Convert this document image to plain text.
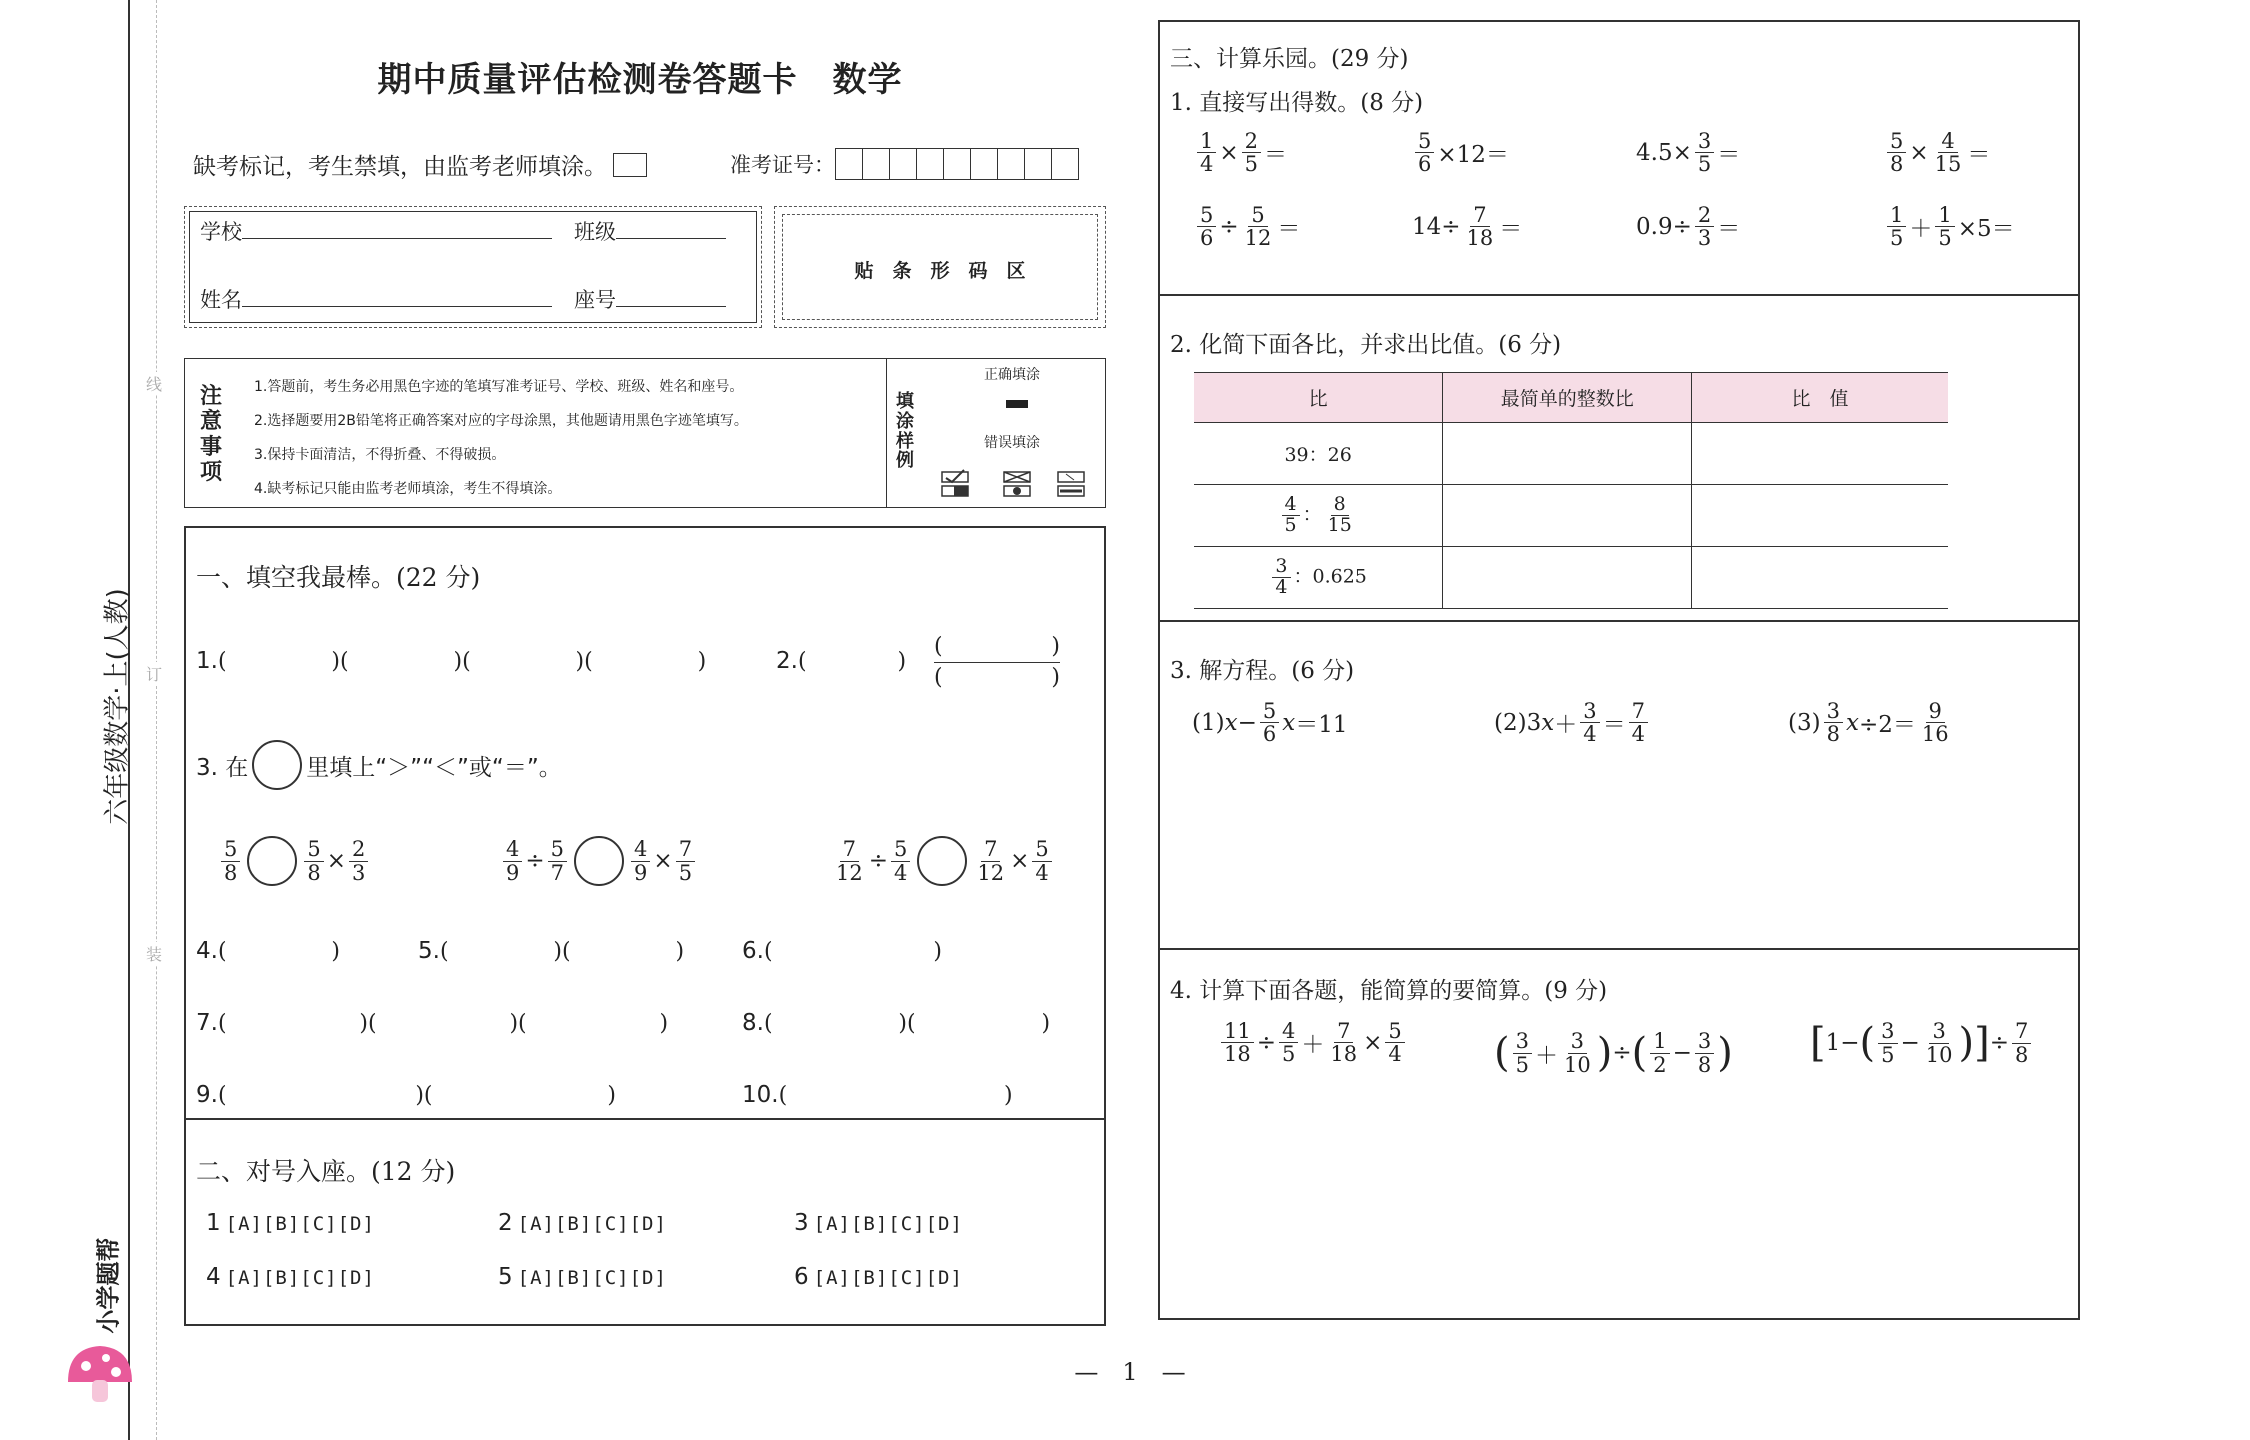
线
订
装
六年级数学·上(人教)
小学题帮
期中质量评估检测卷答题卡　数学
缺考标记，考生禁填，由监考老师填涂。	准考证号：
学校	班级
姓名	座号
贴　条　形　码　区
注意事项
1.答题前，考生务必用黑色字迹的笔填写准考证号、学校、班级、姓名和座号。
2.选择题要用2B铅笔将正确答案对应的字母涂黑，其他题请用黑色字迹笔填写。
3.保持卡面清洁，不得折叠、不得破损。
4.缺考标记只能由监考老师填涂，考生不得填涂。
填涂样例
正确填涂
错误填涂
一、填空我最棒。(22 分)
1.(               )(               )(               )(               )	2.(             )
(	)
(	)
3. 在	里填上“＞”“＜”或“＝”。
$\frac{5}{8}$	$\frac{5}{8} \times \frac{2}{3}$	$\frac{4}{9} \div \frac{5}{7}$	$\frac{4}{9} \times \frac{7}{5}$	$\frac{7}{12} \div \frac{5}{4}$	$\frac{7}{12} \times \frac{5}{4}$
4.(               )	5.(               )(               )	6.(                       )
7.(                   )(                   )(                   )	8.(                  )(                  )
9.(                           )(                         )	10.(                               )
二、对号入座。(12 分)
1 [A][B][C][D]	2 [A][B][C][D]	3 [A][B][C][D]
4 [A][B][C][D]	5 [A][B][C][D]	6 [A][B][C][D]
三、计算乐园。(29 分)
1. 直接写出得数。(8 分)
$\frac{1}{4} \times \frac{2}{5}$ ＝	$\frac{5}{6} \times 12=$	$4.5\times \frac{3}{5}$ ＝	$\frac{5}{8} \times \frac{4}{15}$ ＝
$\frac{5}{6} \div \frac{5}{12}$ ＝	$14\div \frac{7}{18}$ ＝	$0.9\div \frac{2}{3}$ ＝	$\frac{1}{5} + \frac{1}{5} \times 5=$
2. 化简下面各比，并求出比值。(6 分)
比	最简单的整数比	比　值
39：26		

$\frac{4}{5}$ ： $\frac{8}{15}$

$\frac{3}{4}$ ：0.625		
3. 解方程。(6 分)
(1) $x - \frac{5}{6}$ x ＝11	(2)3 $x + \frac{3}{4} = \frac{7}{4}$	$(3) \frac{3}{8}$ $x \div 2= \frac{9}{16}$
4. 计算下面各题，能简算的要简算。(9 分)
$\frac{11}{18} \div \frac{4}{5} + \frac{7}{18} \times \frac{5}{4}$ ( $\frac{3}{5} + \frac{3}{10}$ ) ÷ ( $\frac{1}{2} - \frac{3}{8}$ ) [ 1− ( $\frac{3}{5} - \frac{3}{10}$ ) ] ÷ $\frac{7}{8}$
—　1　—
